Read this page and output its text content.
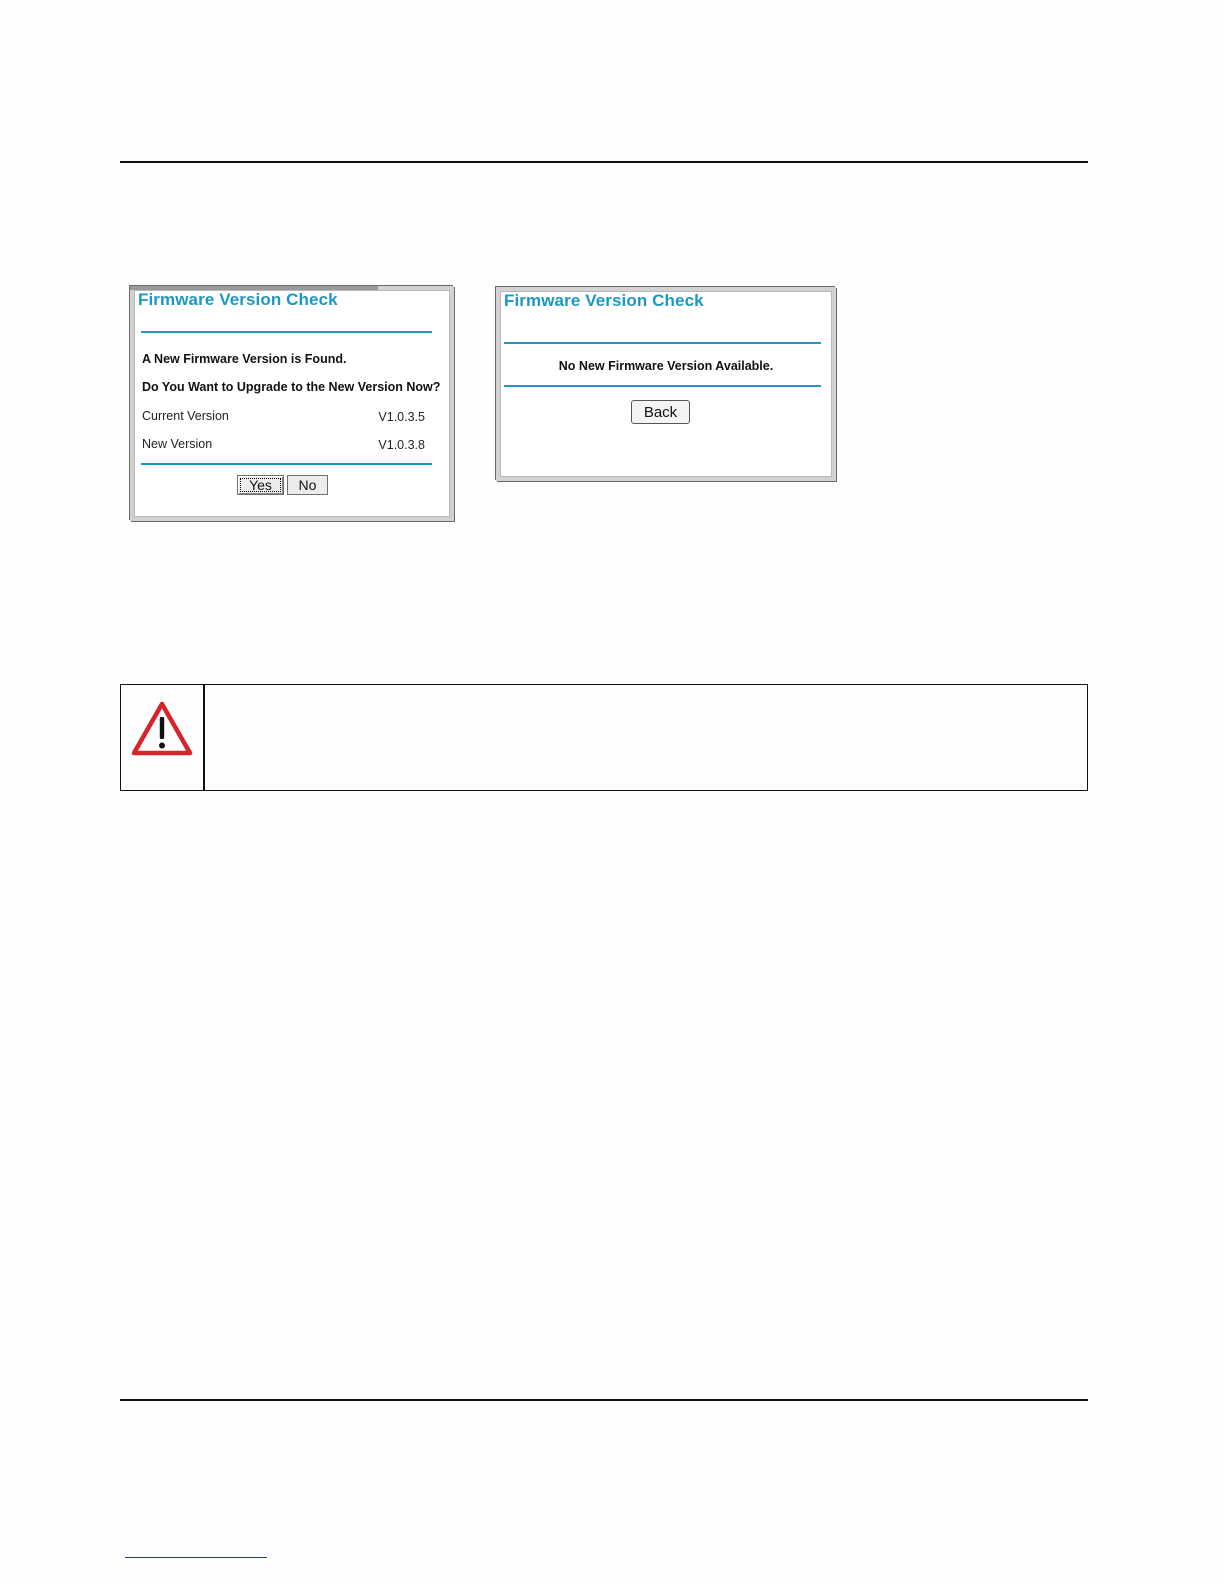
Firmware Version Check
A New Firmware Version is Found.
Do You Want to Upgrade to the New Version Now?
Current Version	V1.0.3.5
New Version	V1.0.3.8
Yes	No
Firmware Version Check
No New Firmware Version Available.
Back
